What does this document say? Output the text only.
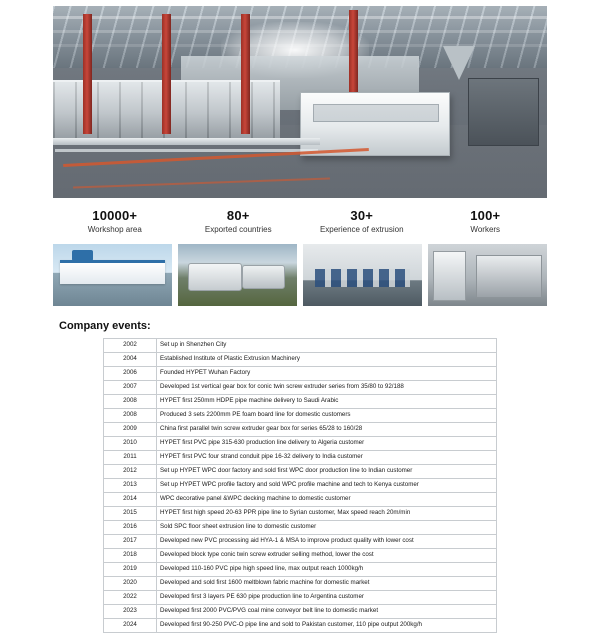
10000+
Workshop area
80+
Exported countries
30+
Experience of extrusion
100+
Workers
Company events:
2002	Set up in Shenzhen City
2004	Established Institute of Plastic Extrusion Machinery
2006	Founded HYPET Wuhan Factory
2007	Developed 1st vertical gear box for conic twin screw extruder series from 35/80 to 92/188
2008	HYPET first 250mm HDPE pipe machine delivery to Saudi Arabic
2008	Produced 3 sets 2200mm PE foam board line for domestic customers
2009	China first parallel twin screw extruder gear box for series 65/28 to 160/28
2010	HYPET first PVC pipe 315-630 production line delivery to Algeria customer
2011	HYPET first PVC four strand conduit pipe 16-32 delivery to India customer
2012	Set up HYPET WPC door factory and sold first WPC door production line to Indian customer
2013	Set up HYPET WPC profile factory and sold WPC profile machine and tech to Kenya customer
2014	WPC decorative panel &WPC decking machine to domestic customer
2015	HYPET first high speed 20-63 PPR pipe line to Syrian customer, Max speed reach 20m/min
2016	Sold SPC floor sheet extrusion line to domestic customer
2017	Developed new PVC processing aid HYA-1 & MSA to improve product quality with lower cost
2018	Developed block type conic twin screw extruder selling method, lower the cost
2019	Developed 110-160 PVC pipe high speed line, max output reach 1000kg/h
2020	Developed and sold first 1600 meltblown fabric machine for domestic market
2022	Developed first 3 layers PE 630 pipe production line to Argentina customer
2023	Developed first 2000 PVC/PVG coal mine conveyor belt line to domestic market
2024	Developed first 90-250 PVC-O pipe line and sold to Pakistan customer, 110 pipe output 200kg/h
